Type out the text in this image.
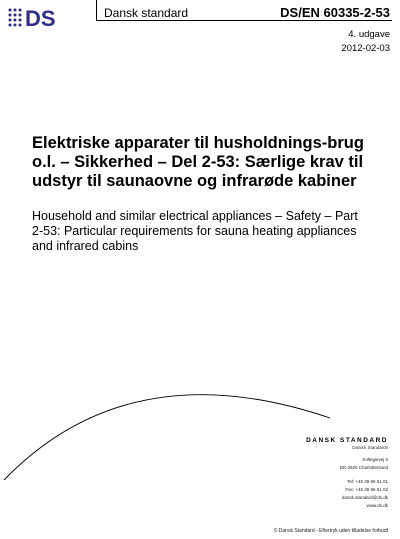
DS	Dansk standard	DS/EN 60335-2-53
4. udgave
2012-02-03
Elektriske apparater til husholdnings-brug o.l. – Sikkerhed – Del 2-53: Særlige krav til udstyr til saunaovne og infrarøde kabiner
Household and similar electrical appliances – Safety – Part 2-53: Particular requirements for sauna heating appliances and infrared cabins
DANSK STANDARD
Danish Standards
Kollegievej 6
DK-2920 Charlottenlund
Tel: +45 39 96 61 01
Fax: +45 39 96 61 02
dansk.standard@ds.dk
www.ds.dk
© Dansk Standard - Eftertryk uden tilladelse forbudt
